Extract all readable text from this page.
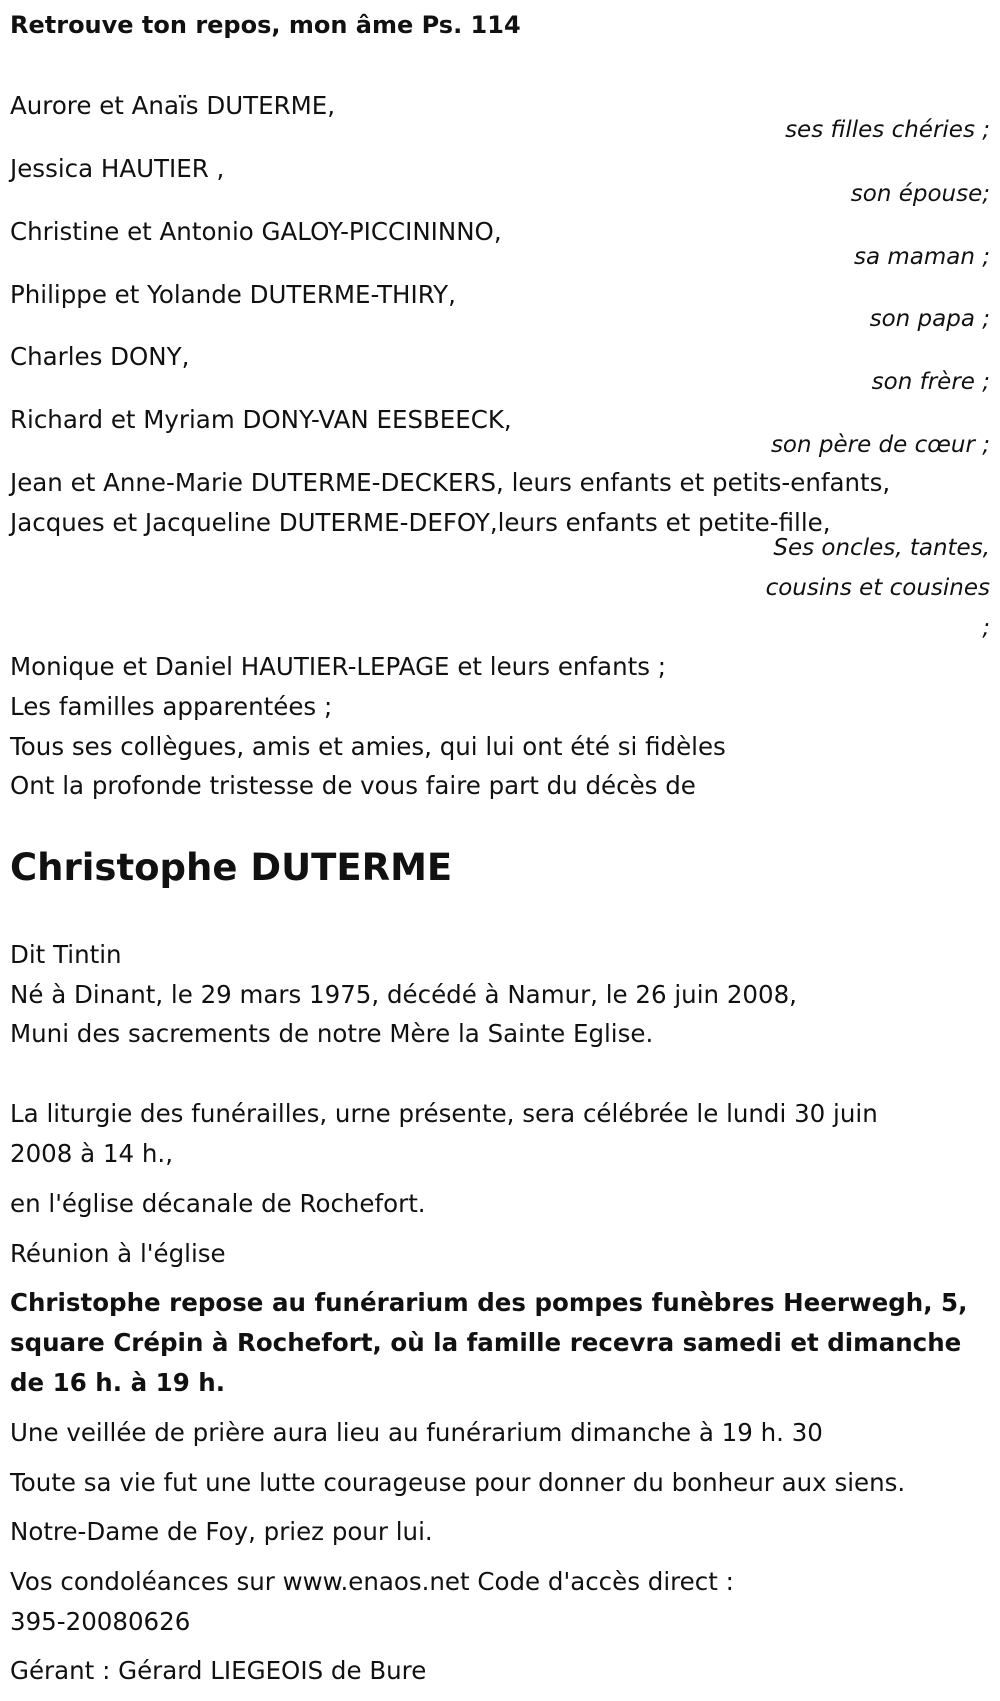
Retrouve ton repos, mon âme Ps. 114

Aurore et Anaïs DUTERME,

ses filles chéries ;

Jessica HAUTIER ,

son épouse;

Christine et Antonio GALOY-PICCININNO,

sa maman ;

Philippe et Yolande DUTERME-THIRY,

son papa ;

Charles DONY,

son frère ;

Richard et Myriam DONY-VAN EESBEECK,

son père de cœur ;

Jean et Anne-Marie DUTERME-DECKERS, leurs enfants et petits-enfants,

Jacques et Jacqueline DUTERME-DEFOY,leurs enfants et petite-fille,

Ses oncles, tantes,

cousins et cousines

;

Monique et Daniel HAUTIER-LEPAGE et leurs enfants ;

Les familles apparentées ;

Tous ses collègues, amis et amies, qui lui ont été si fidèles

Ont la profonde tristesse de vous faire part du décès de

Christophe DUTERME

Dit Tintin

Né à Dinant, le 29 mars 1975, décédé à Namur, le 26 juin 2008,

Muni des sacrements de notre Mère la Sainte Eglise.

La liturgie des funérailles, urne présente, sera célébrée le lundi 30 juin

2008 à 14 h.,

en l'église décanale de Rochefort.

Réunion à l'église

Christophe repose au funérarium des pompes funèbres Heerwegh, 5,

square Crépin à Rochefort, où la famille recevra samedi et dimanche

de 16 h. à 19 h.

Une veillée de prière aura lieu au funérarium dimanche à 19 h. 30

Toute sa vie fut une lutte courageuse pour donner du bonheur aux siens.

Notre-Dame de Foy, priez pour lui.

Vos condoléances sur www.enaos.net Code d'accès direct :

395-20080626

Gérant : Gérard LIEGEOIS de Bure
